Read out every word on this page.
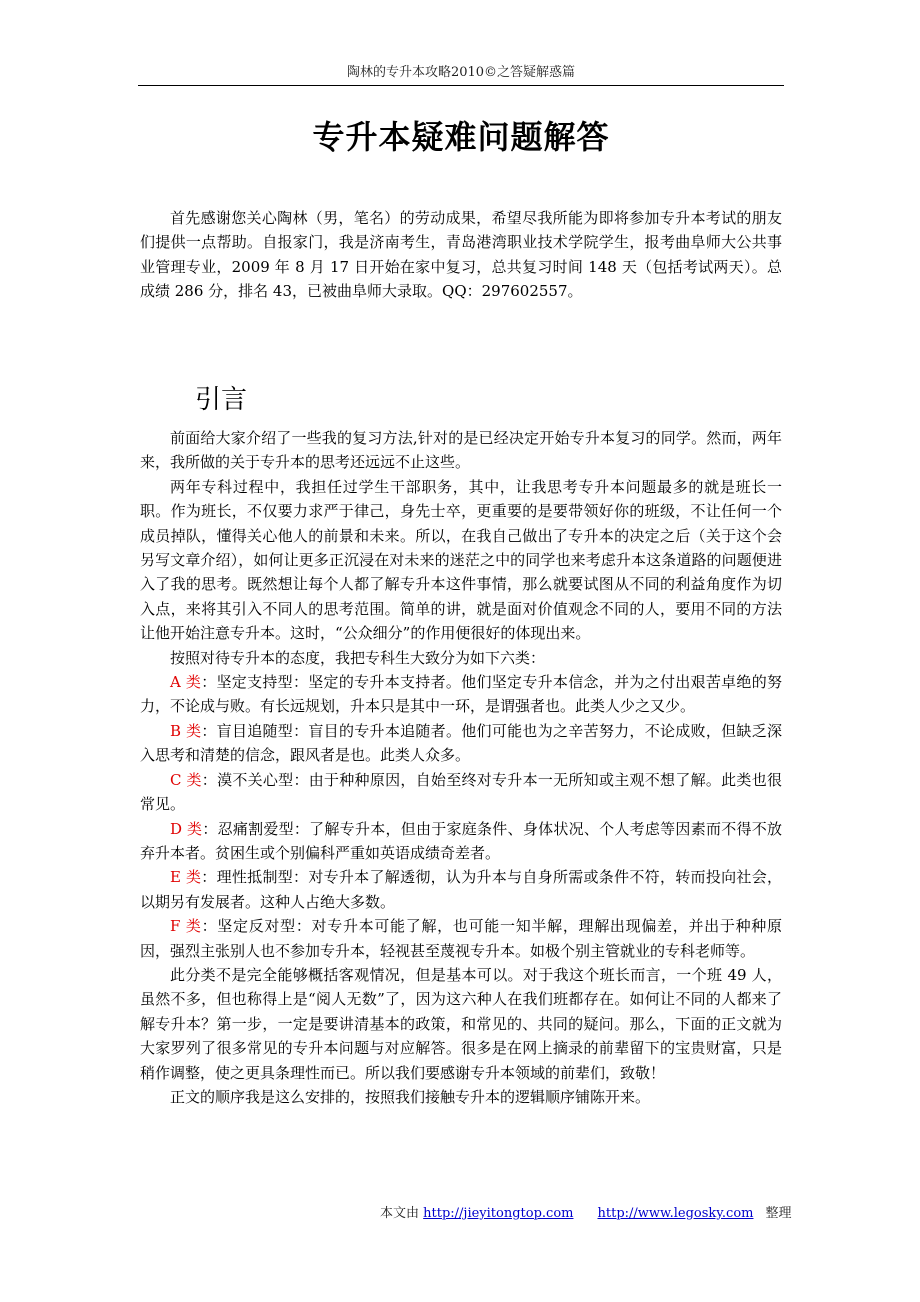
陶林的专升本攻略2010©之答疑解惑篇
专升本疑难问题解答

首先感谢您关心陶林（男，笔名）的劳动成果，希望尽我所能为即将参加专升本考试的朋友们提供一点帮助。自报家门，我是济南考生，青岛港湾职业技术学院学生，报考曲阜师大公共事业管理专业，2009 年 8 月 17 日开始在家中复习，总共复习时间 148 天（包括考试两天）。总成绩 286 分，排名 43，已被曲阜师大录取。QQ：297602557。

引言

前面给大家介绍了一些我的复习方法,针对的是已经决定开始专升本复习的同学。然而，两年来，我所做的关于专升本的思考还远远不止这些。

两年专科过程中，我担任过学生干部职务，其中，让我思考专升本问题最多的就是班长一职。作为班长，不仅要力求严于律己，身先士卒，更重要的是要带领好你的班级，不让任何一个成员掉队，懂得关心他人的前景和未来。所以，在我自己做出了专升本的决定之后（关于这个会另写文章介绍），如何让更多正沉浸在对未来的迷茫之中的同学也来考虑升本这条道路的问题便进入了我的思考。既然想让每个人都了解专升本这件事情，那么就要试图从不同的利益角度作为切入点，来将其引入不同人的思考范围。简单的讲，就是面对价值观念不同的人，要用不同的方法让他开始注意专升本。这时，“公众细分”的作用便很好的体现出来。

按照对待专升本的态度，我把专科生大致分为如下六类：

A 类：坚定支持型：坚定的专升本支持者。他们坚定专升本信念，并为之付出艰苦卓绝的努力，不论成与败。有长远规划，升本只是其中一环，是谓强者也。此类人少之又少。

B 类：盲目追随型：盲目的专升本追随者。他们可能也为之辛苦努力，不论成败，但缺乏深入思考和清楚的信念，跟风者是也。此类人众多。

C 类：漠不关心型：由于种种原因，自始至终对专升本一无所知或主观不想了解。此类也很常见。

D 类：忍痛割爱型：了解专升本，但由于家庭条件、身体状况、个人考虑等因素而不得不放弃升本者。贫困生或个别偏科严重如英语成绩奇差者。

E 类：理性抵制型：对专升本了解透彻，认为升本与自身所需或条件不符，转而投向社会，以期另有发展者。这种人占绝大多数。

F 类：坚定反对型：对专升本可能了解，也可能一知半解，理解出现偏差，并出于种种原因，强烈主张别人也不参加专升本，轻视甚至蔑视专升本。如极个别主管就业的专科老师等。

此分类不是完全能够概括客观情况，但是基本可以。对于我这个班长而言，一个班 49 人，虽然不多，但也称得上是“阅人无数”了，因为这六种人在我们班都存在。如何让不同的人都来了解专升本？第一步，一定是要讲清基本的政策，和常见的、共同的疑问。那么，下面的正文就为大家罗列了很多常见的专升本问题与对应解答。很多是在网上摘录的前辈留下的宝贵财富，只是稍作调整，使之更具条理性而已。所以我们要感谢专升本领域的前辈们，致敬！

正文的顺序我是这么安排的，按照我们接触专升本的逻辑顺序铺陈开来。

本文由 http://jieyitongtop.com http://www.legosky.com 整理
